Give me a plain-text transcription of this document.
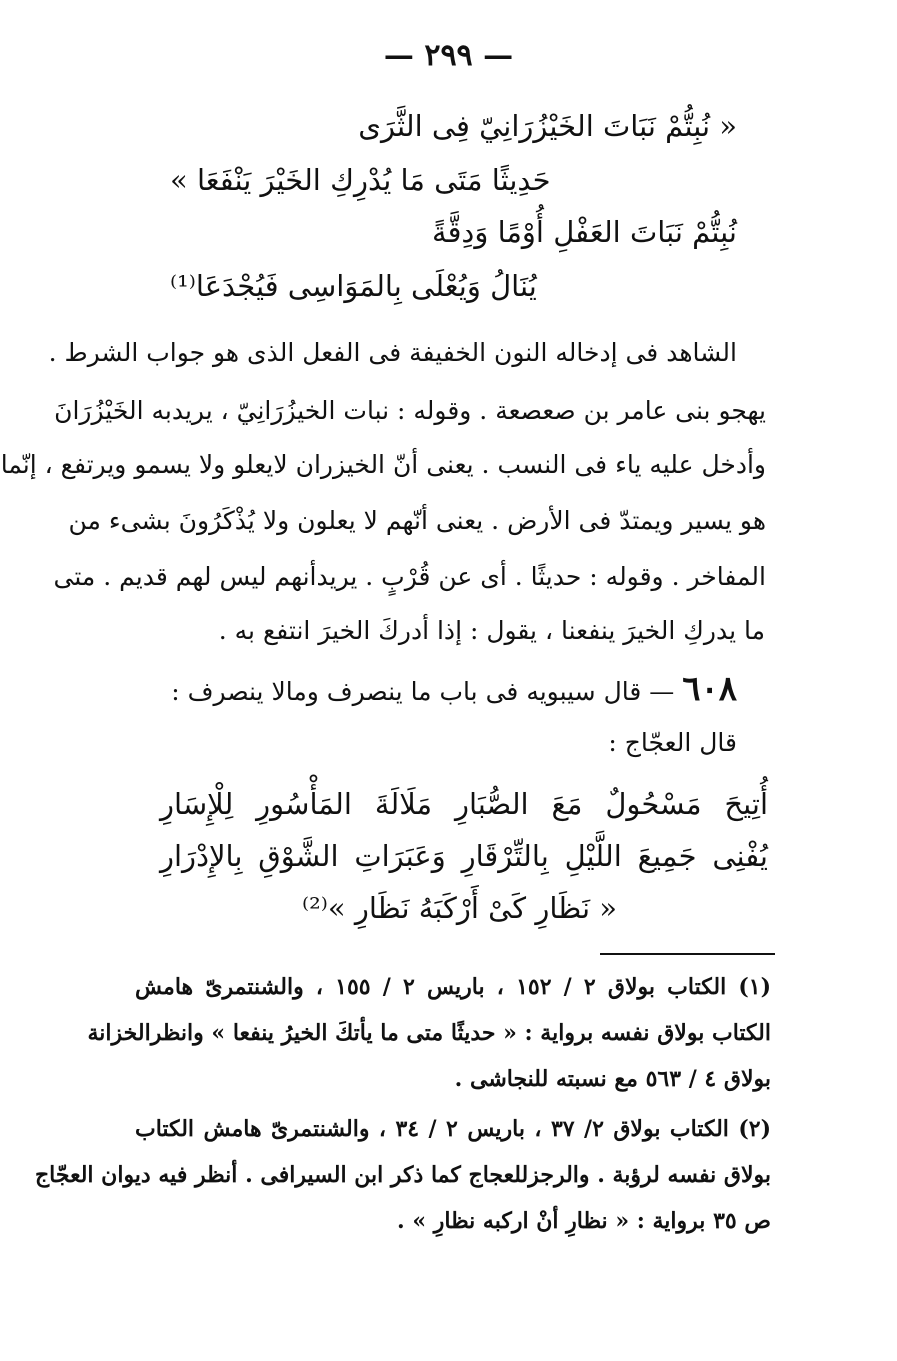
— ٢٩٩ —
« نُبِتُّمْ نَبَاتَ الخَيْزُرَانِيّ فِى الثَّرَى
حَدِيثًا مَتَى مَا يُدْرِكِ الخَيْرَ يَنْفَعَا »
نُبِتُّمْ نَبَاتَ العَفْلِ أُوْمًا وَدِقَّةً
يُنَالُ وَيُعْلَى بِالمَوَاسِى فَيُجْدَعَا⁽¹⁾
الشاهد فى إدخاله النون الخفيفة فى الفعل الذى هو جواب الشرط .
يهجو بنى عامر بن صعصعة . وقوله : نبات الخيزُرَانِيّ ، يريدبه الخَيْزُرَانَ
وأدخل عليه ياء فى النسب . يعنى أنّ الخيزران لايعلو ولا يسمو ويرتفع ، إنّما
هو يسير ويمتدّ فى الأرض . يعنى أنّهم لا يعلون ولا يُذْكَرُونَ بشىء من
المفاخر . وقوله : حديثًا . أى عن قُرْبٍ . يريدأنهم ليس لهم قديم . متى
ما يدركِ الخيرَ ينفعنا ، يقول : إذا أدركَ الخيرَ انتفع به .
٦٠٨ — قال سيبويه فى باب ما ينصرف ومالا ينصرف :
قال العجّاج :
أُتِيحَ مَسْحُولٌ مَعَ الصُّبَارِ مَلَالَةَ المَأْسُورِ لِلْإِسَارِ
يُفْنِى جَمِيعَ اللَّيْلِ بِالتِّرْقَارِ وَعَبَرَاتِ الشَّوْقِ بِالإِدْرَارِ
« نَظَارِ كَىْ أَرْكَبَهُ نَظَارِ »⁽²⁾
(١) الكتاب بولاق ٢ / ١٥٢ ، باريس ٢ / ١٥٥ ، والشنتمرىّ هامش
الكتاب بولاق نفسه برواية : « حديثًا متى ما يأتكَ الخيرُ ينفعا » وانظرالخزانة
بولاق ٤ / ٥٦٣ مع نسبته للنجاشى .
(٢) الكتاب بولاق ٢/ ٣٧ ، باريس ٢ / ٣٤ ، والشنتمرىّ هامش الكتاب
بولاق نفسه لرؤبة . والرجزللعجاج كما ذكر ابن السيرافى . أنظر فيه ديوان العجّاج
ص ٣٥ برواية : « نظارِ أنْ اركبه نظارِ » .
